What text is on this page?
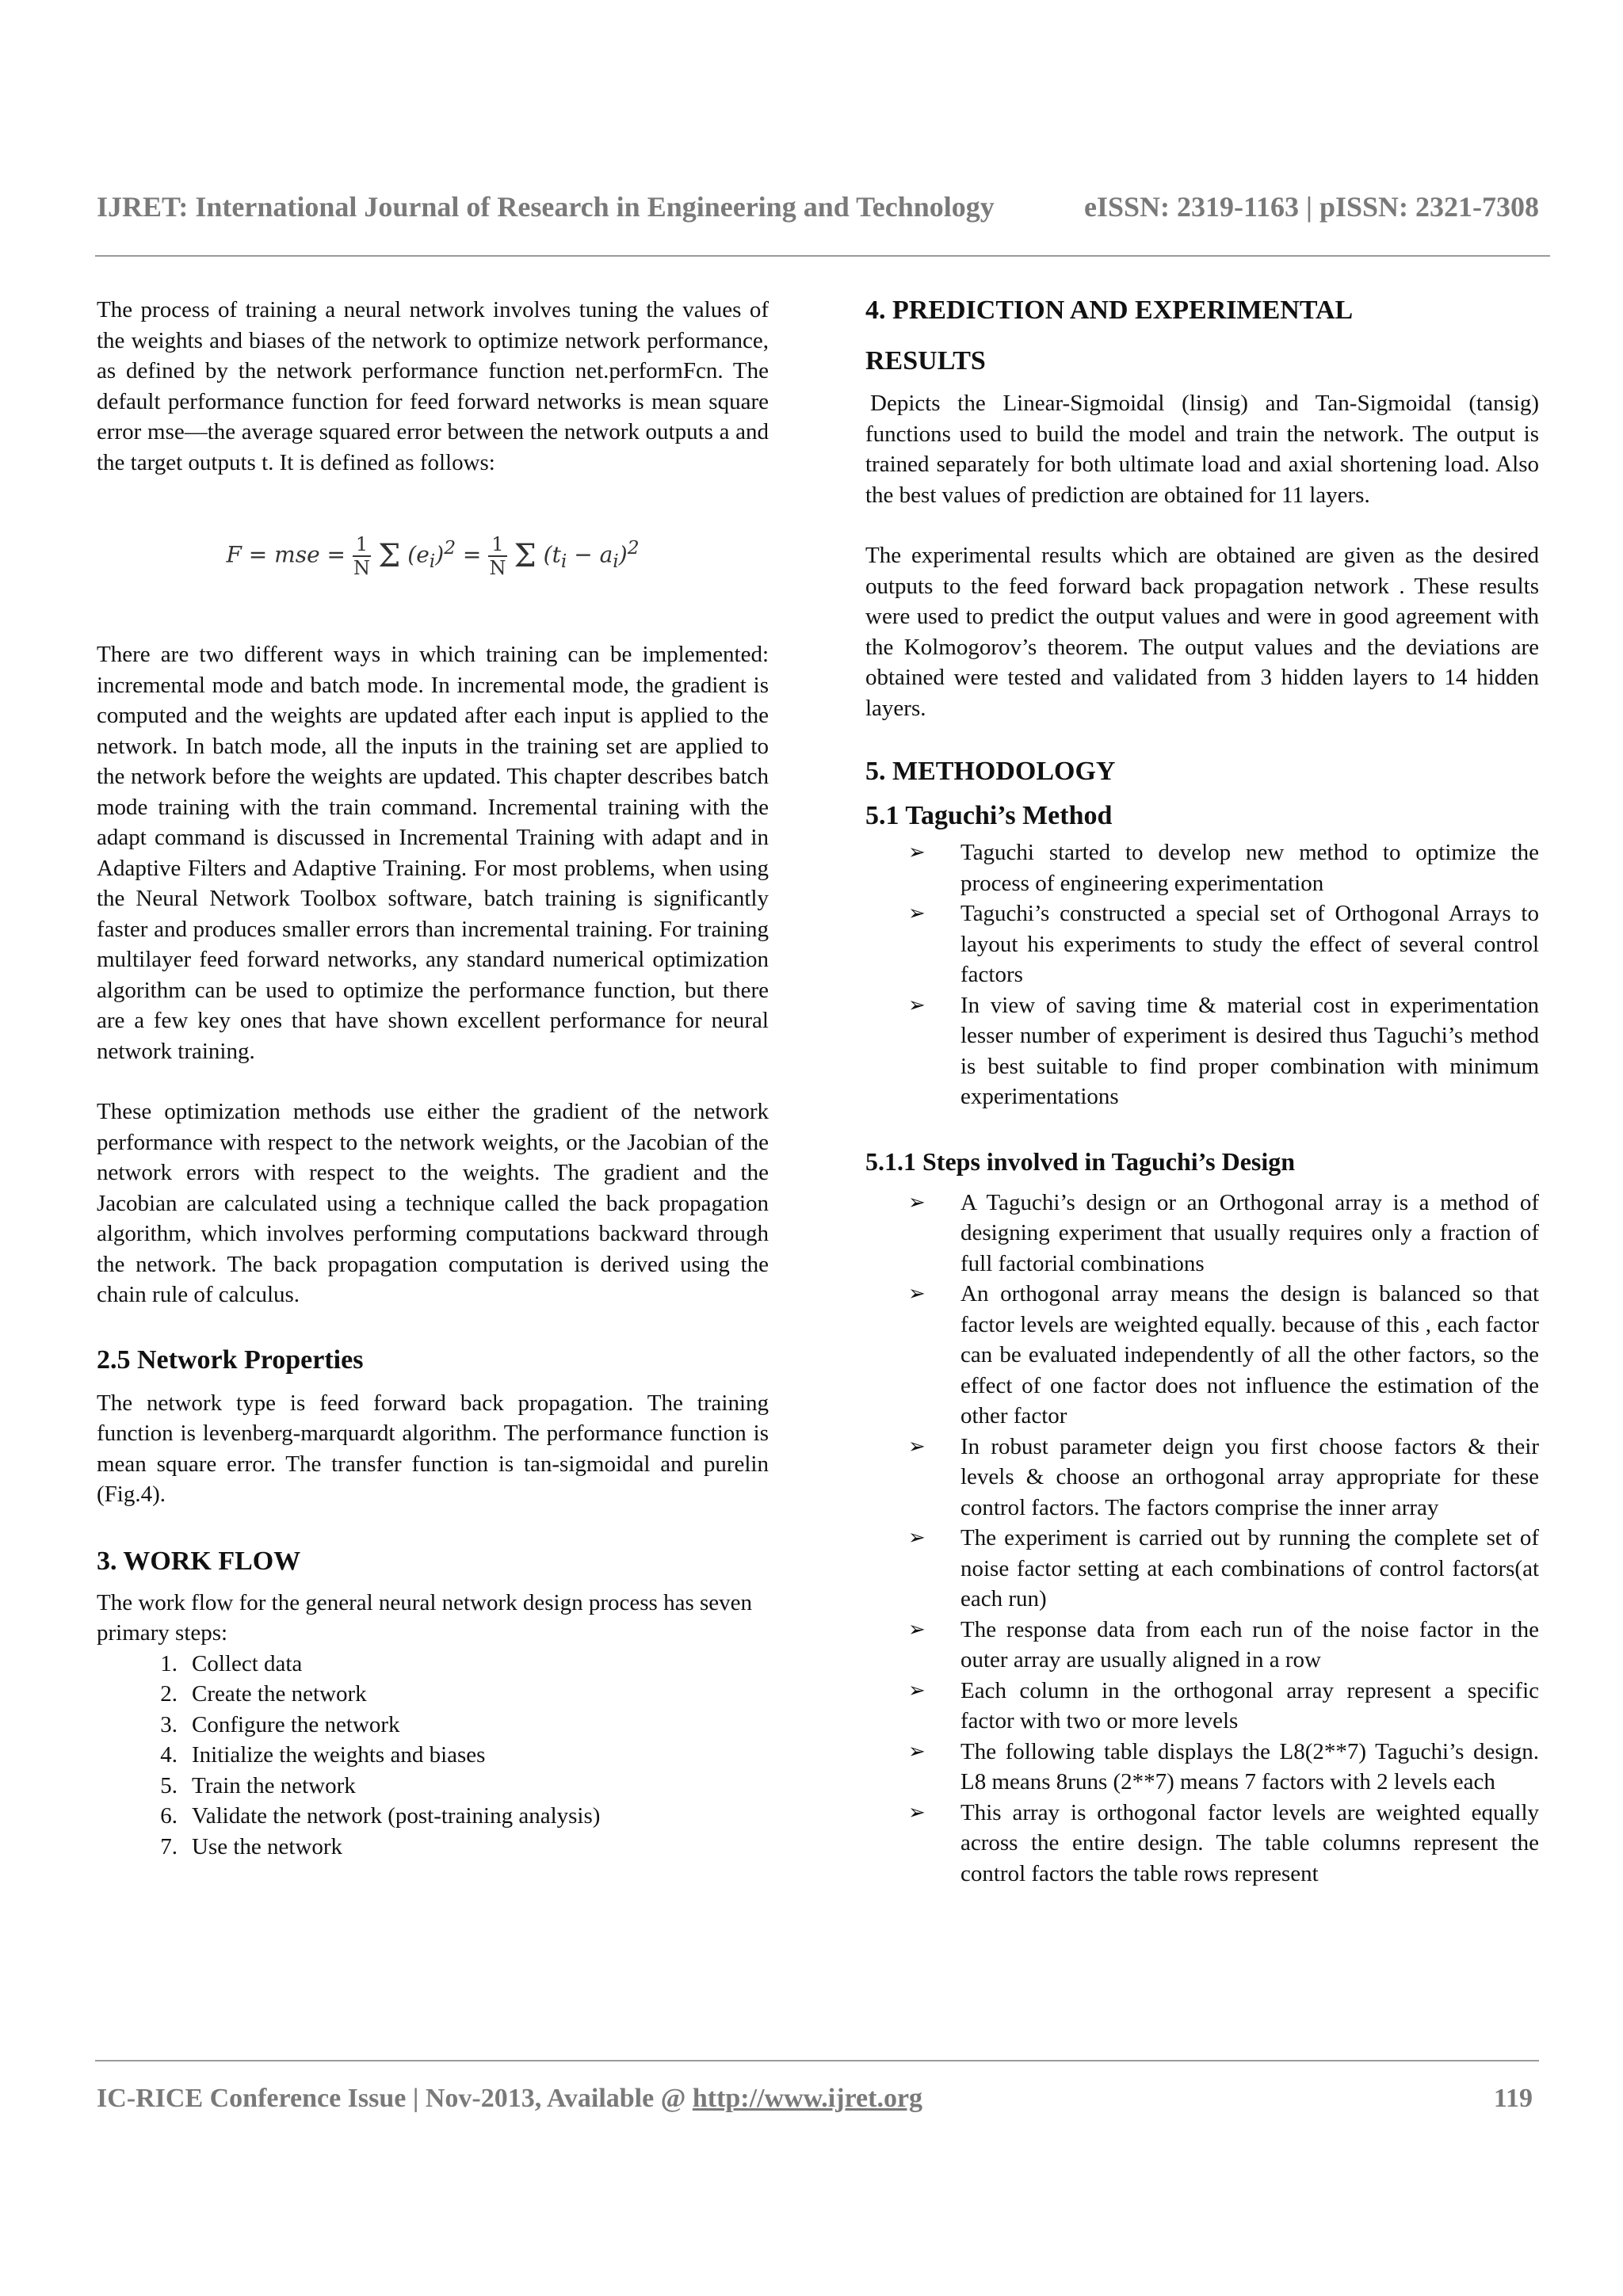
IJRET: International Journal of Research in Engineering and Technology	eISSN: 2319-1163 | pISSN: 2321-7308

The process of training a neural network involves tuning the values of the weights and biases of the network to optimize network performance, as defined by the network performance function net.performFcn. The default performance function for feed forward networks is mean square error mse—the average squared error between the network outputs a and the target outputs t. It is defined as follows:

F = mse = $\frac{1}{N}$ Σ $(e_i)^2 = \frac{1}{N}$ Σ $(t_i - a_i)^2$

There are two different ways in which training can be implemented: incremental mode and batch mode. In incremental mode, the gradient is computed and the weights are updated after each input is applied to the network. In batch mode, all the inputs in the training set are applied to the network before the weights are updated. This chapter describes batch mode training with the train command. Incremental training with the adapt command is discussed in Incremental Training with adapt and in Adaptive Filters and Adaptive Training. For most problems, when using the Neural Network Toolbox software, batch training is significantly faster and produces smaller errors than incremental training. For training multilayer feed forward networks, any standard numerical optimization algorithm can be used to optimize the performance function, but there are a few key ones that have shown excellent performance for neural network training.

These optimization methods use either the gradient of the network performance with respect to the network weights, or the Jacobian of the network errors with respect to the weights. The gradient and the Jacobian are calculated using a technique called the back propagation algorithm, which involves performing computations backward through the network. The back propagation computation is derived using the chain rule of calculus.

2.5 Network Properties

The network type is feed forward back propagation. The training function is levenberg-marquardt algorithm. The performance function is mean square error. The transfer function is tan-sigmoidal and purelin (Fig.4).

3. WORK FLOW

The work flow for the general neural network design process has seven primary steps:

1. Collect data
2. Create the network
3. Configure the network
4. Initialize the weights and biases
5. Train the network
6. Validate the network (post-training analysis)
7. Use the network
4. PREDICTION AND EXPERIMENTAL
RESULTS

Depicts the Linear-Sigmoidal (linsig) and Tan-Sigmoidal (tansig) functions used to build the model and train the network. The output is trained separately for both ultimate load and axial shortening load. Also the best values of prediction are obtained for 11 layers.

The experimental results which are obtained are given as the desired outputs to the feed forward back propagation network . These results were used to predict the output values and were in good agreement with the Kolmogorov’s theorem. The output values and the deviations are obtained were tested and validated from 3 hidden layers to 14 hidden layers.

5. METHODOLOGY
5.1 Taguchi’s Method
➢ Taguchi started to develop new method to optimize the process of engineering experimentation
➢ Taguchi’s constructed a special set of Orthogonal Arrays to layout his experiments to study the effect of several control factors
➢ In view of saving time & material cost in experimentation lesser number of experiment is desired thus Taguchi’s method is best suitable to find proper combination with minimum experimentations
5.1.1 Steps involved in Taguchi’s Design
➢ A Taguchi’s design or an Orthogonal array is a method of designing experiment that usually requires only a fraction of full factorial combinations
➢ An orthogonal array means the design is balanced so that factor levels are weighted equally. because of this , each factor can be evaluated independently of all the other factors, so the effect of one factor does not influence the estimation of the other factor
➢ In robust parameter deign you first choose factors & their levels & choose an orthogonal array appropriate for these control factors. The factors comprise the inner array
➢ The experiment is carried out by running the complete set of noise factor setting at each combinations of control factors(at each run)
➢ The response data from each run of the noise factor in the outer array are usually aligned in a row
➢ Each column in the orthogonal array represent a specific factor with two or more levels
➢ The following table displays the L8(2**7) Taguchi’s design. L8 means 8runs (2**7) means 7 factors with 2 levels each
➢ This array is orthogonal factor levels are weighted equally across the entire design. The table columns represent the control factors the table rows represent
IC-RICE Conference Issue | Nov-2013, Available @ http://www.ijret.org	119
